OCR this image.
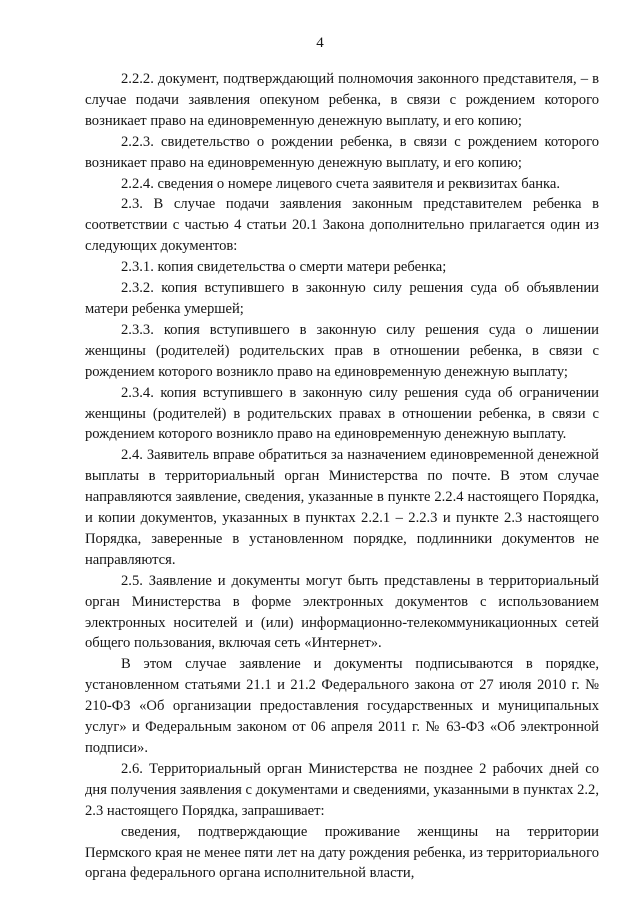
4

2.2.2. документ, подтверждающий полномочия законного представителя, – в случае подачи заявления опекуном ребенка, в связи с рождением которого возникает право на единовременную денежную выплату, и его копию;

2.2.3. свидетельство о рождении ребенка, в связи с рождением которого возникает право на единовременную денежную выплату, и его копию;

2.2.4. сведения о номере лицевого счета заявителя и реквизитах банка.

2.3. В случае подачи заявления законным представителем ребенка в соответствии с частью 4 статьи 20.1 Закона дополнительно прилагается один из следующих документов:

2.3.1. копия свидетельства о смерти матери ребенка;

2.3.2. копия вступившего в законную силу решения суда об объявлении матери ребенка умершей;

2.3.3. копия вступившего в законную силу решения суда о лишении женщины (родителей) родительских прав в отношении ребенка, в связи с рождением которого возникло право на единовременную денежную выплату;

2.3.4. копия вступившего в законную силу решения суда об ограничении женщины (родителей) в родительских правах в отношении ребенка, в связи с рождением которого возникло право на единовременную денежную выплату.

2.4. Заявитель вправе обратиться за назначением единовременной денежной выплаты в территориальный орган Министерства по почте. В этом случае направляются заявление, сведения, указанные в пункте 2.2.4 настоящего Порядка, и копии документов, указанных в пунктах 2.2.1 – 2.2.3 и пункте 2.3 настоящего Порядка, заверенные в установленном порядке, подлинники документов не направляются.

2.5. Заявление и документы могут быть представлены в территориальный орган Министерства в форме электронных документов с использованием электронных носителей и (или) информационно-телекоммуникационных сетей общего пользования, включая сеть «Интернет».

В этом случае заявление и документы подписываются в порядке, установленном статьями 21.1 и 21.2 Федерального закона от 27 июля 2010 г. № 210-ФЗ «Об организации предоставления государственных и муниципальных услуг» и Федеральным законом от 06 апреля 2011 г. № 63-ФЗ «Об электронной подписи».

2.6. Территориальный орган Министерства не позднее 2 рабочих дней со дня получения заявления с документами и сведениями, указанными в пунктах 2.2, 2.3 настоящего Порядка, запрашивает:

сведения, подтверждающие проживание женщины на территории Пермского края не менее пяти лет на дату рождения ребенка, из территориального органа федерального органа исполнительной власти,
